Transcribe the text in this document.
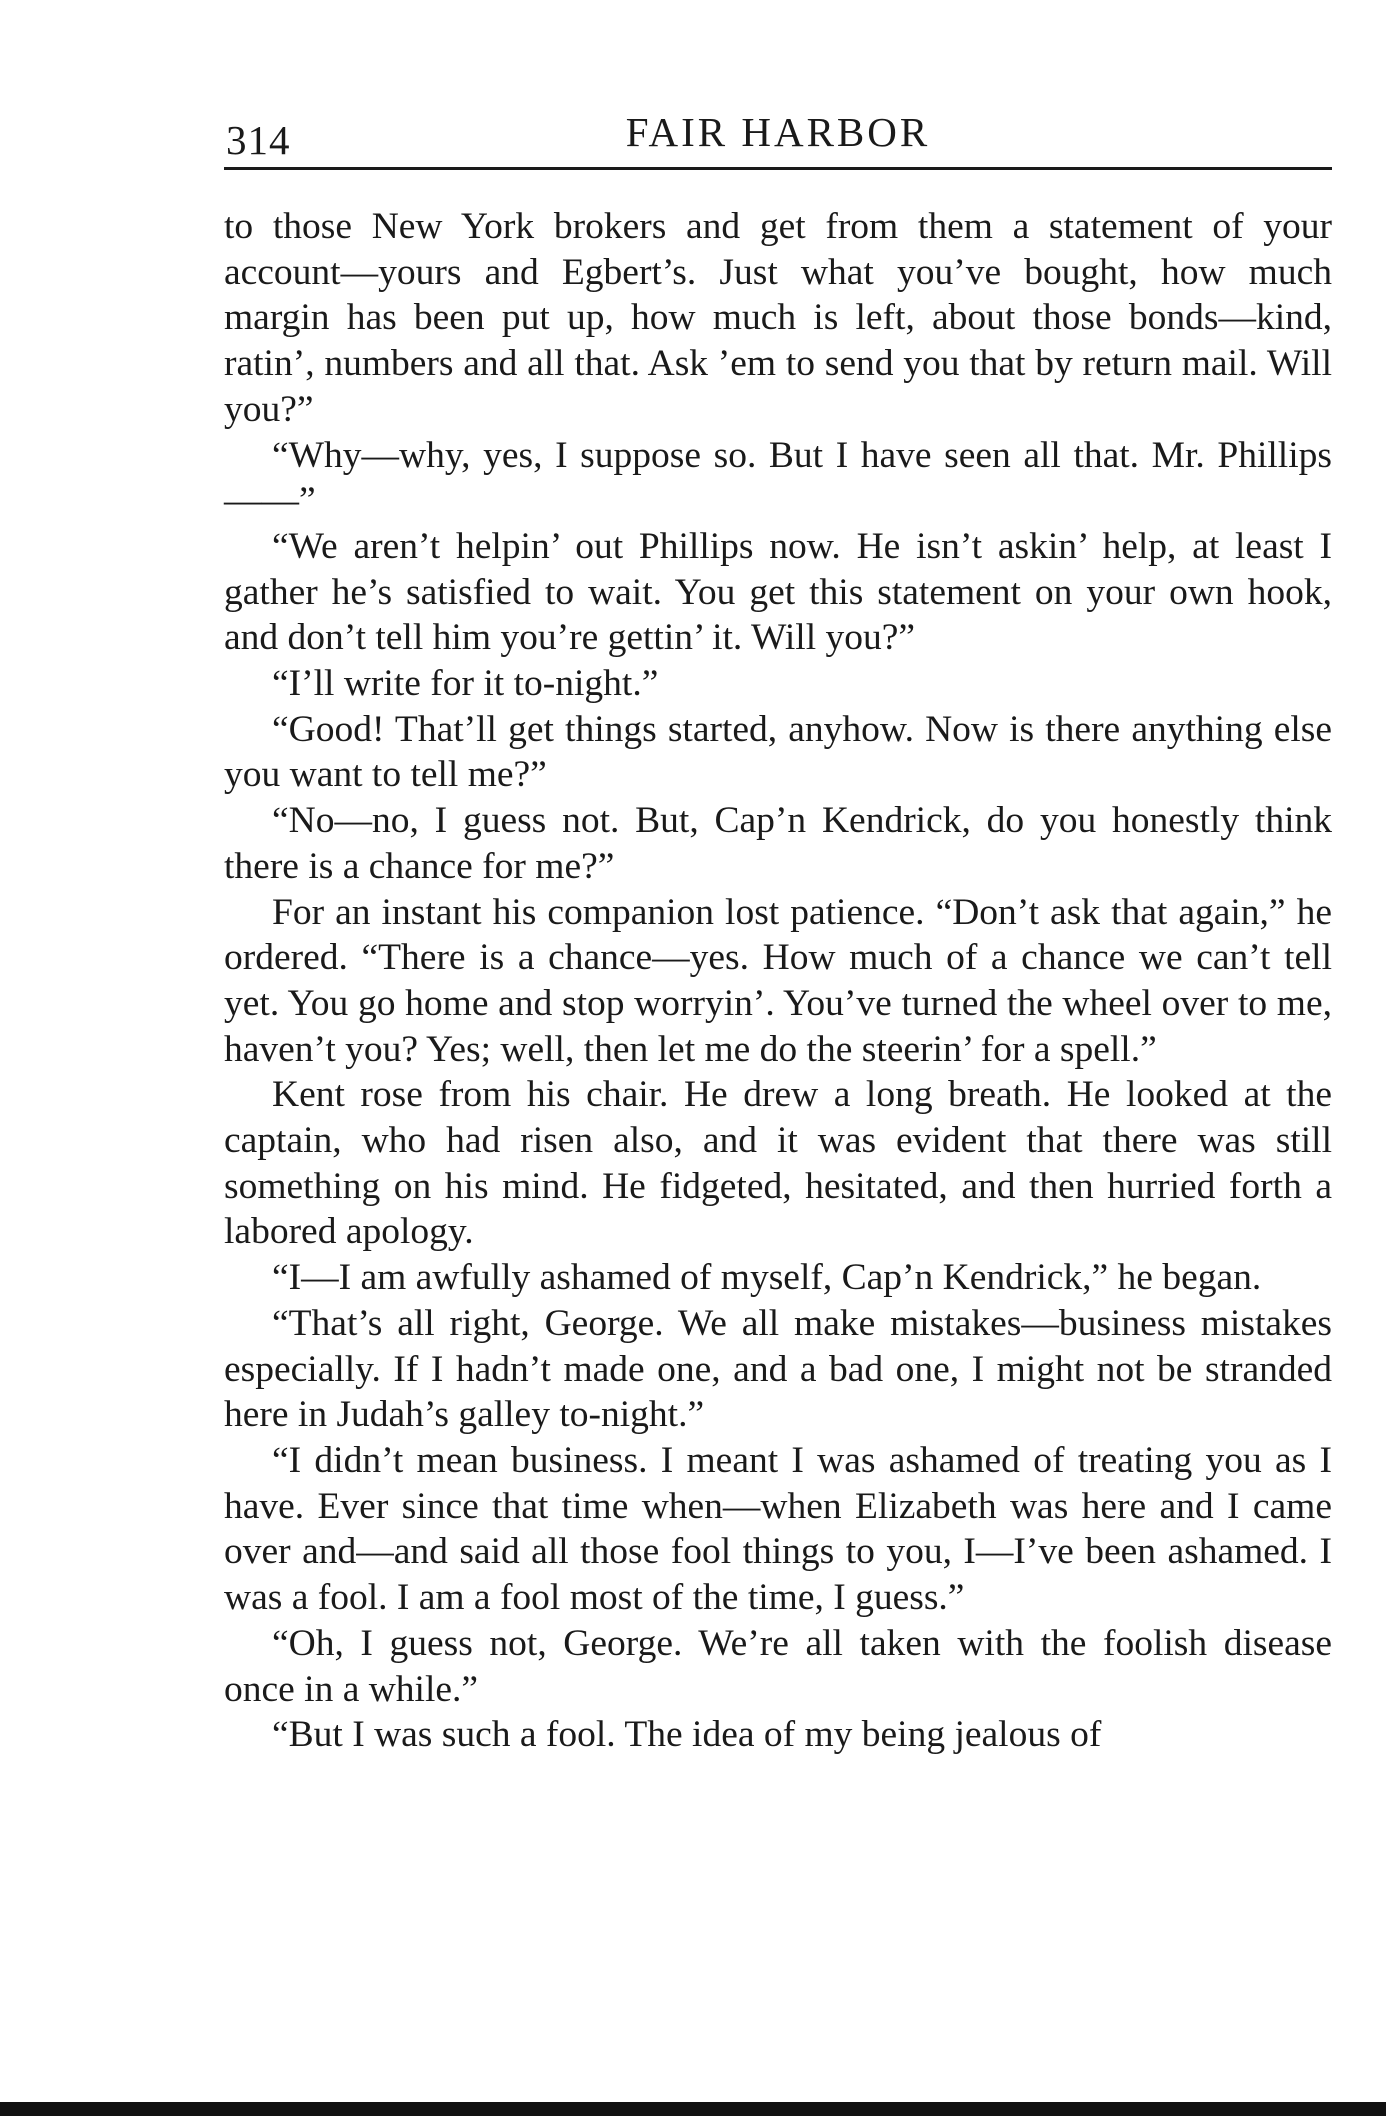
314	FAIR HARBOR

to those New York brokers and get from them a statement of your account—yours and Egbert’s. Just what you’ve bought, how much margin has been put up, how much is left, about those bonds—kind, ratin’, numbers and all that. Ask ’em to send you that by return mail. Will you?”

“Why—why, yes, I suppose so. But I have seen all that. Mr. Phillips——”

“We aren’t helpin’ out Phillips now. He isn’t askin’ help, at least I gather he’s satisfied to wait. You get this statement on your own hook, and don’t tell him you’re gettin’ it. Will you?”

“I’ll write for it to-night.”

“Good! That’ll get things started, anyhow. Now is there anything else you want to tell me?”

“No—no, I guess not. But, Cap’n Kendrick, do you honestly think there is a chance for me?”

For an instant his companion lost patience. “Don’t ask that again,” he ordered. “There is a chance—yes. How much of a chance we can’t tell yet. You go home and stop worryin’. You’ve turned the wheel over to me, haven’t you? Yes; well, then let me do the steerin’ for a spell.”

Kent rose from his chair. He drew a long breath. He looked at the captain, who had risen also, and it was evident that there was still something on his mind. He fidgeted, hesitated, and then hurried forth a labored apology.

“I—I am awfully ashamed of myself, Cap’n Kendrick,” he began.

“That’s all right, George. We all make mistakes—business mistakes especially. If I hadn’t made one, and a bad one, I might not be stranded here in Judah’s galley to-night.”

“I didn’t mean business. I meant I was ashamed of treating you as I have. Ever since that time when—when Elizabeth was here and I came over and—and said all those fool things to you, I—I’ve been ashamed. I was a fool. I am a fool most of the time, I guess.”

“Oh, I guess not, George. We’re all taken with the foolish disease once in a while.”

“But I was such a fool. The idea of my being jealous of
